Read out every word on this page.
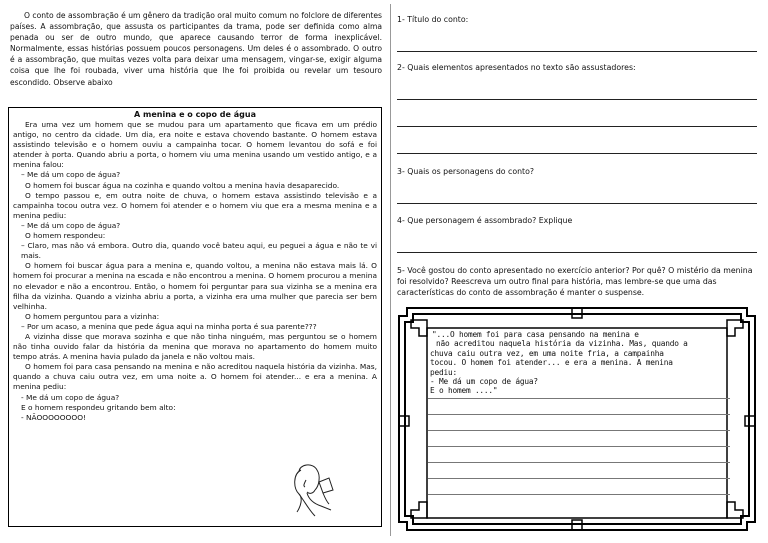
O conto de assombração é um gênero da tradição oral muito comum no folclore de diferentes países. A assombração, que assusta os participantes da trama, pode ser definida como alma penada ou ser de outro mundo, que aparece causando terror de forma inexplicável. Normalmente, essas histórias possuem poucos personagens. Um deles é o assombrado. O outro é a assombração, que muitas vezes volta para deixar uma mensagem, vingar-se, exigir alguma coisa que lhe foi roubada, viver uma história que lhe foi proibida ou revelar um tesouro escondido. Observe abaixo

A menina e o copo de água

Era uma vez um homem que se mudou para um apartamento que ficava em um prédio antigo, no centro da cidade. Um dia, era noite e estava chovendo bastante. O homem estava assistindo televisão e o homem ouviu a campainha tocar. O homem levantou do sofá e foi atender à porta. Quando abriu a porta, o homem viu uma menina usando um vestido antigo, e a menina falou:

– Me dá um copo de água?

O homem foi buscar água na cozinha e quando voltou a menina havia desaparecido.

O tempo passou e, em outra noite de chuva, o homem estava assistindo televisão e a campainha tocou outra vez. O homem foi atender e o homem viu que era a mesma menina e a menina pediu:

– Me dá um copo de água?

O homem respondeu:

– Claro, mas não vá embora. Outro dia, quando você bateu aqui, eu peguei a água e não te vi mais.

O homem foi buscar água para a menina e, quando voltou, a menina não estava mais lá. O homem foi procurar a menina na escada e não encontrou a menina. O homem procurou a menina no elevador e não a encontrou. Então, o homem foi perguntar para sua vizinha se a menina era filha da vizinha. Quando a vizinha abriu a porta, a vizinha era uma mulher que parecia ser bem velhinha.

O homem perguntou para a vizinha:

– Por um acaso, a menina que pede água aqui na minha porta é sua parente???

A vizinha disse que morava sozinha e que não tinha ninguém, mas perguntou se o homem não tinha ouvido falar da história da menina que morava no apartamento do homem muito tempo atrás. A menina havia pulado da janela e não voltou mais.

O homem foi para casa pensando na menina e não acreditou naquela história da vizinha. Mas, quando a chuva caiu outra vez, em uma noite a. O homem foi atender... e era a menina. A menina pediu:

- Me dá um copo de água?

E o homem respondeu gritando bem alto:

- NÃOOOOOOOO!

1- Título do conto:

2- Quais elementos apresentados no texto são assustadores:

3- Quais os personagens do conto?

4- Que personagem é assombrado? Explique

5- Você gostou do conto apresentado no exercício anterior? Por quê? O mistério da menina foi resolvido? Reescreva um outro final para história, mas lembre-se que uma das características do conto de assombração é manter o suspense.

"...O homem foi para casa pensando na menina e
não acreditou naquela história da vizinha. Mas, quando a
chuva caiu outra vez, em uma noite fria, a campainha
tocou. O homem foi atender... e era a menina. A menina
pediu:
- Me dá um copo de água?
E o homem ...."
